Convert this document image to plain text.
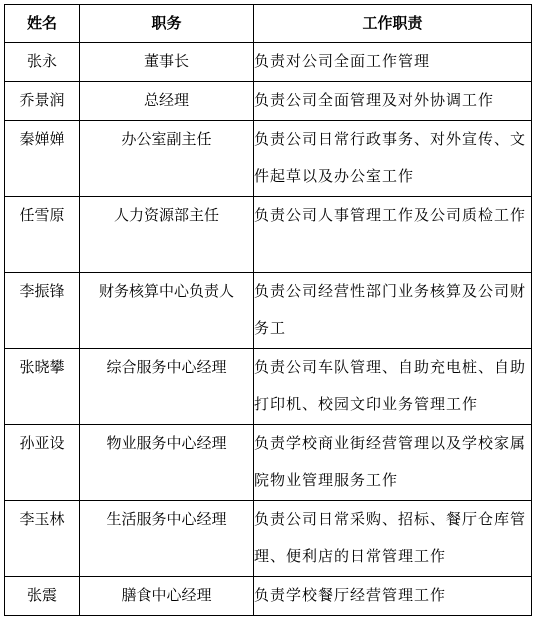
姓名	职务	工作职责
张永	董事长	负责对公司全面工作管理
乔景润	总经理	负责公司全面管理及对外协调工作
秦婵婵	办公室副主任	负责公司日常行政事务、对外宣传、文件起草以及办公室工作
任雪原	人力资源部主任	负责公司人事管理工作及公司质检工作
李振锋	财务核算中心负责人	负责公司经营性部门业务核算及公司财务工
张晓攀	综合服务中心经理	负责公司车队管理、自助充电桩、自助打印机、校园文印业务管理工作
孙亚设	物业服务中心经理	负责学校商业街经营管理以及学校家属院物业管理服务工作
李玉林	生活服务中心经理	负责公司日常采购、招标、餐厅仓库管理、便利店的日常管理工作
张震	膳食中心经理	负责学校餐厅经营管理工作
